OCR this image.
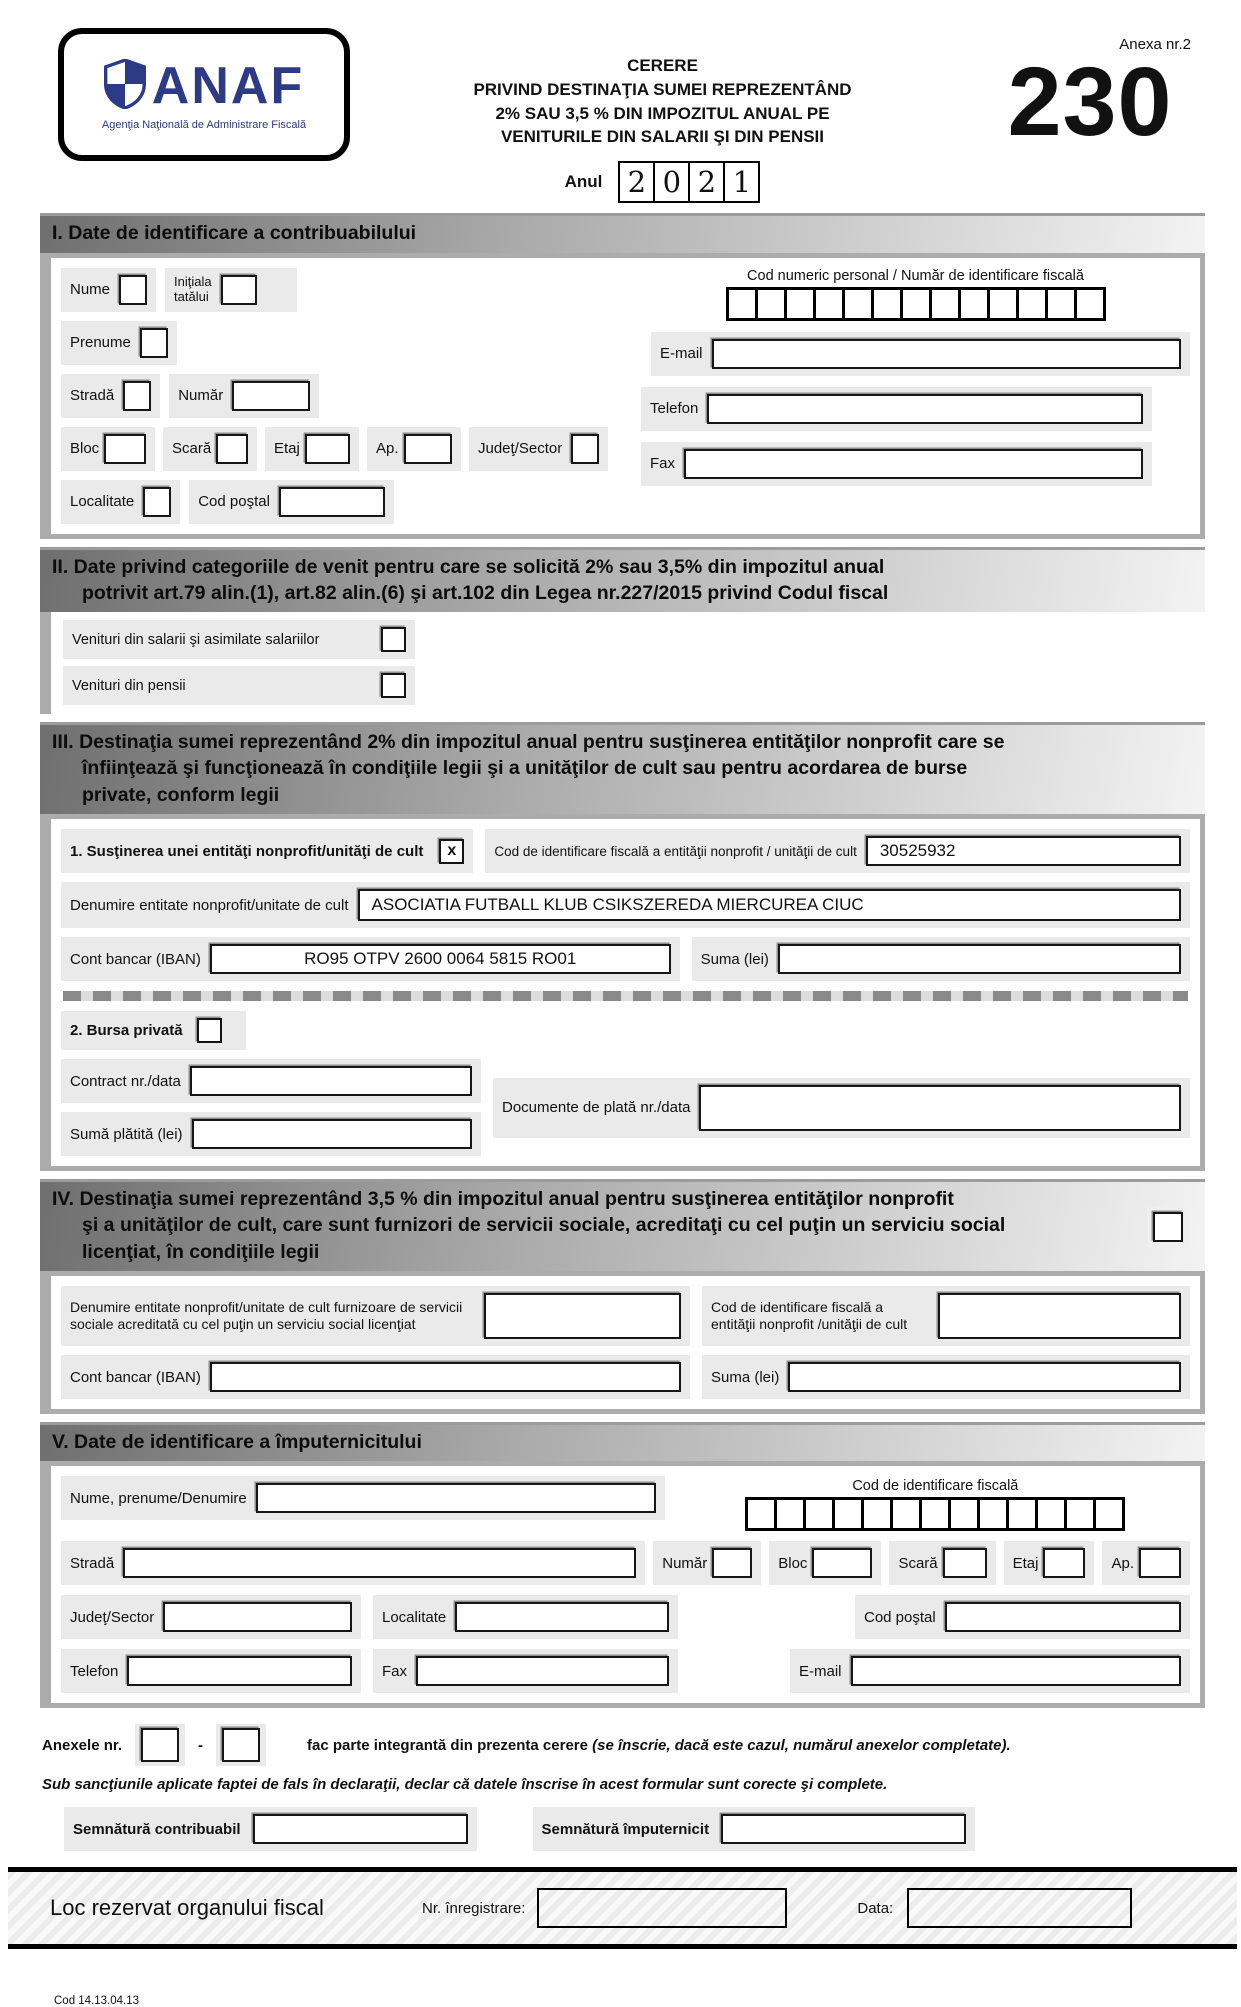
ANAF
Agenţia Naţională de Administrare Fiscală
CERERE
PRIVIND DESTINAŢIA SUMEI REPREZENTÂND
2% SAU 3,5 % DIN IMPOZITUL ANUAL PE
VENITURILE DIN SALARII ŞI DIN PENSII
Anul 2 0 2 1
Anexa nr.2
230
I. Date de identificare a contribuabilului
Nume	Iniţiala
tatălui
Prenume
Stradă	Număr
Bloc	Scară	Etaj	Ap.	Judeţ/Sector
Localitate	Cod poştal
Cod numeric personal / Număr de identificare fiscală
E-mail
Telefon
Fax
II. Date privind categoriile de venit pentru care se solicită 2% sau 3,5% din impozitul anual
potrivit art.79 alin.(1), art.82 alin.(6) şi art.102 din Legea nr.227/2015 privind Codul fiscal
Venituri din salarii şi asimilate salariilor
Venituri din pensii
III. Destinaţia sumei reprezentând 2% din impozitul anual pentru susţinerea entităţilor nonprofit care se
înfiinţează şi funcţionează în condiţiile legii şi a unităţilor de cult sau pentru acordarea de burse
private, conform legii
1. Susţinerea unei entităţi nonprofit/unităţi de cult	x	Cod de identificare fiscală a entităţii nonprofit / unităţii de cult	30525932
Denumire entitate nonprofit/unitate de cult	ASOCIATIA FUTBALL KLUB CSIKSZEREDA MIERCUREA CIUC
Cont bancar (IBAN)	RO95 OTPV 2600 0064 5815 RO01	Suma (lei)
2. Bursa privată
Contract nr./data
Sumă plătită (lei)
Documente de plată nr./data
IV. Destinaţia sumei reprezentând 3,5 % din impozitul anual pentru susţinerea entităţilor nonprofit
şi a unităţilor de cult, care sunt furnizori de servicii sociale, acreditaţi cu cel puţin un serviciu social
licenţiat, în condiţiile legii
Denumire entitate nonprofit/unitate de cult furnizoare de servicii sociale acreditată cu cel puţin un serviciu social licenţiat
Cod de identificare fiscală a entităţii nonprofit /unităţii de cult
Cont bancar (IBAN)	Suma (lei)
V. Date de identificare a împuternicitului
Nume, prenume/Denumire
Cod de identificare fiscală
Stradă	Număr	Bloc	Scară	Etaj	Ap.
Judeţ/Sector	Localitate	Cod poştal
Telefon	Fax	E-mail
Anexele nr.	-	fac parte integrantă din prezenta cerere (se înscrie, dacă este cazul, numărul anexelor completate).
Sub sancţiunile aplicate faptei de fals în declaraţii, declar că datele înscrise în acest formular sunt corecte şi complete.
Semnătură contribuabil	Semnătură împuternicit
Loc rezervat organului fiscal	Nr. înregistrare:	Data:
Cod 14.13.04.13
